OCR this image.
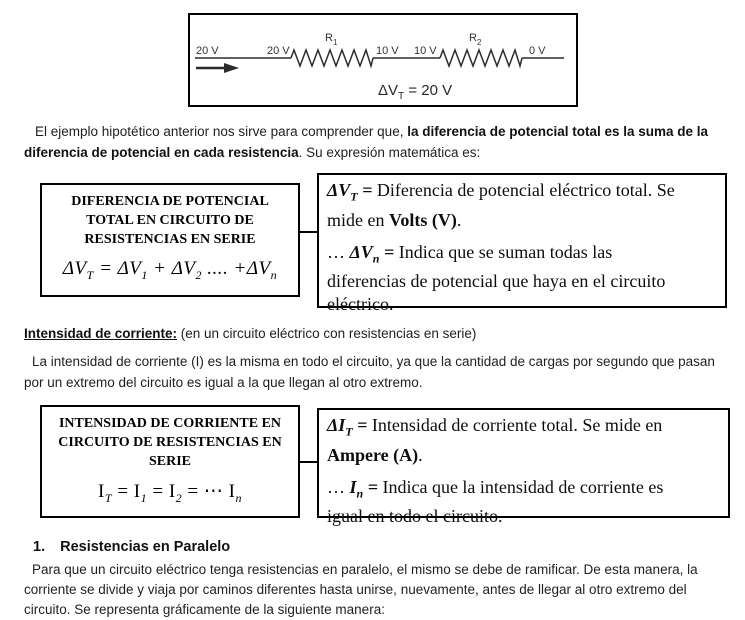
20 V	20 V
$R_1$
10 V 10 V
$R_2$
0 V
$\Delta V_T = 20$ V
El ejemplo hipotético anterior nos sirve para comprender que, la diferencia de potencial total es la suma de la
diferencia de potencial en cada resistencia. Su expresión matemática es:
DIFERENCIA DE POTENCIAL
TOTAL EN CIRCUITO DE
RESISTENCIAS EN SERIE
$\Delta V_T = \Delta V_1 + \Delta V_2$ .... $+\Delta V_n$
$\Delta V_T$ = Diferencia de potencial eléctrico total. Se
mide en Volts (V).
… $\Delta V_n$ = Indica que se suman todas las
diferencias de potencial que haya en el circuito
eléctrico.
Intensidad de corriente: (en un circuito eléctrico con resistencias en serie)
La intensidad de corriente (I) es la misma en todo el circuito, ya que la cantidad de cargas por segundo que pasan
por un extremo del circuito es igual a la que llegan al otro extremo.
INTENSIDAD DE CORRIENTE EN
CIRCUITO DE RESISTENCIAS EN
SERIE
$I_T = I_1 = I_2$ = ⋯ $I_n$
$\Delta I_T$ = Intensidad de corriente total. Se mide en
Ampere (A).
… $I_n$ = Indica que la intensidad de corriente es
igual en todo el circuito.
1. Resistencias en Paralelo
Para que un circuito eléctrico tenga resistencias en paralelo, el mismo se debe de ramificar. De esta manera, la
corriente se divide y viaja por caminos diferentes hasta unirse, nuevamente, antes de llegar al otro extremo del
circuito. Se representa gráficamente de la siguiente manera:
